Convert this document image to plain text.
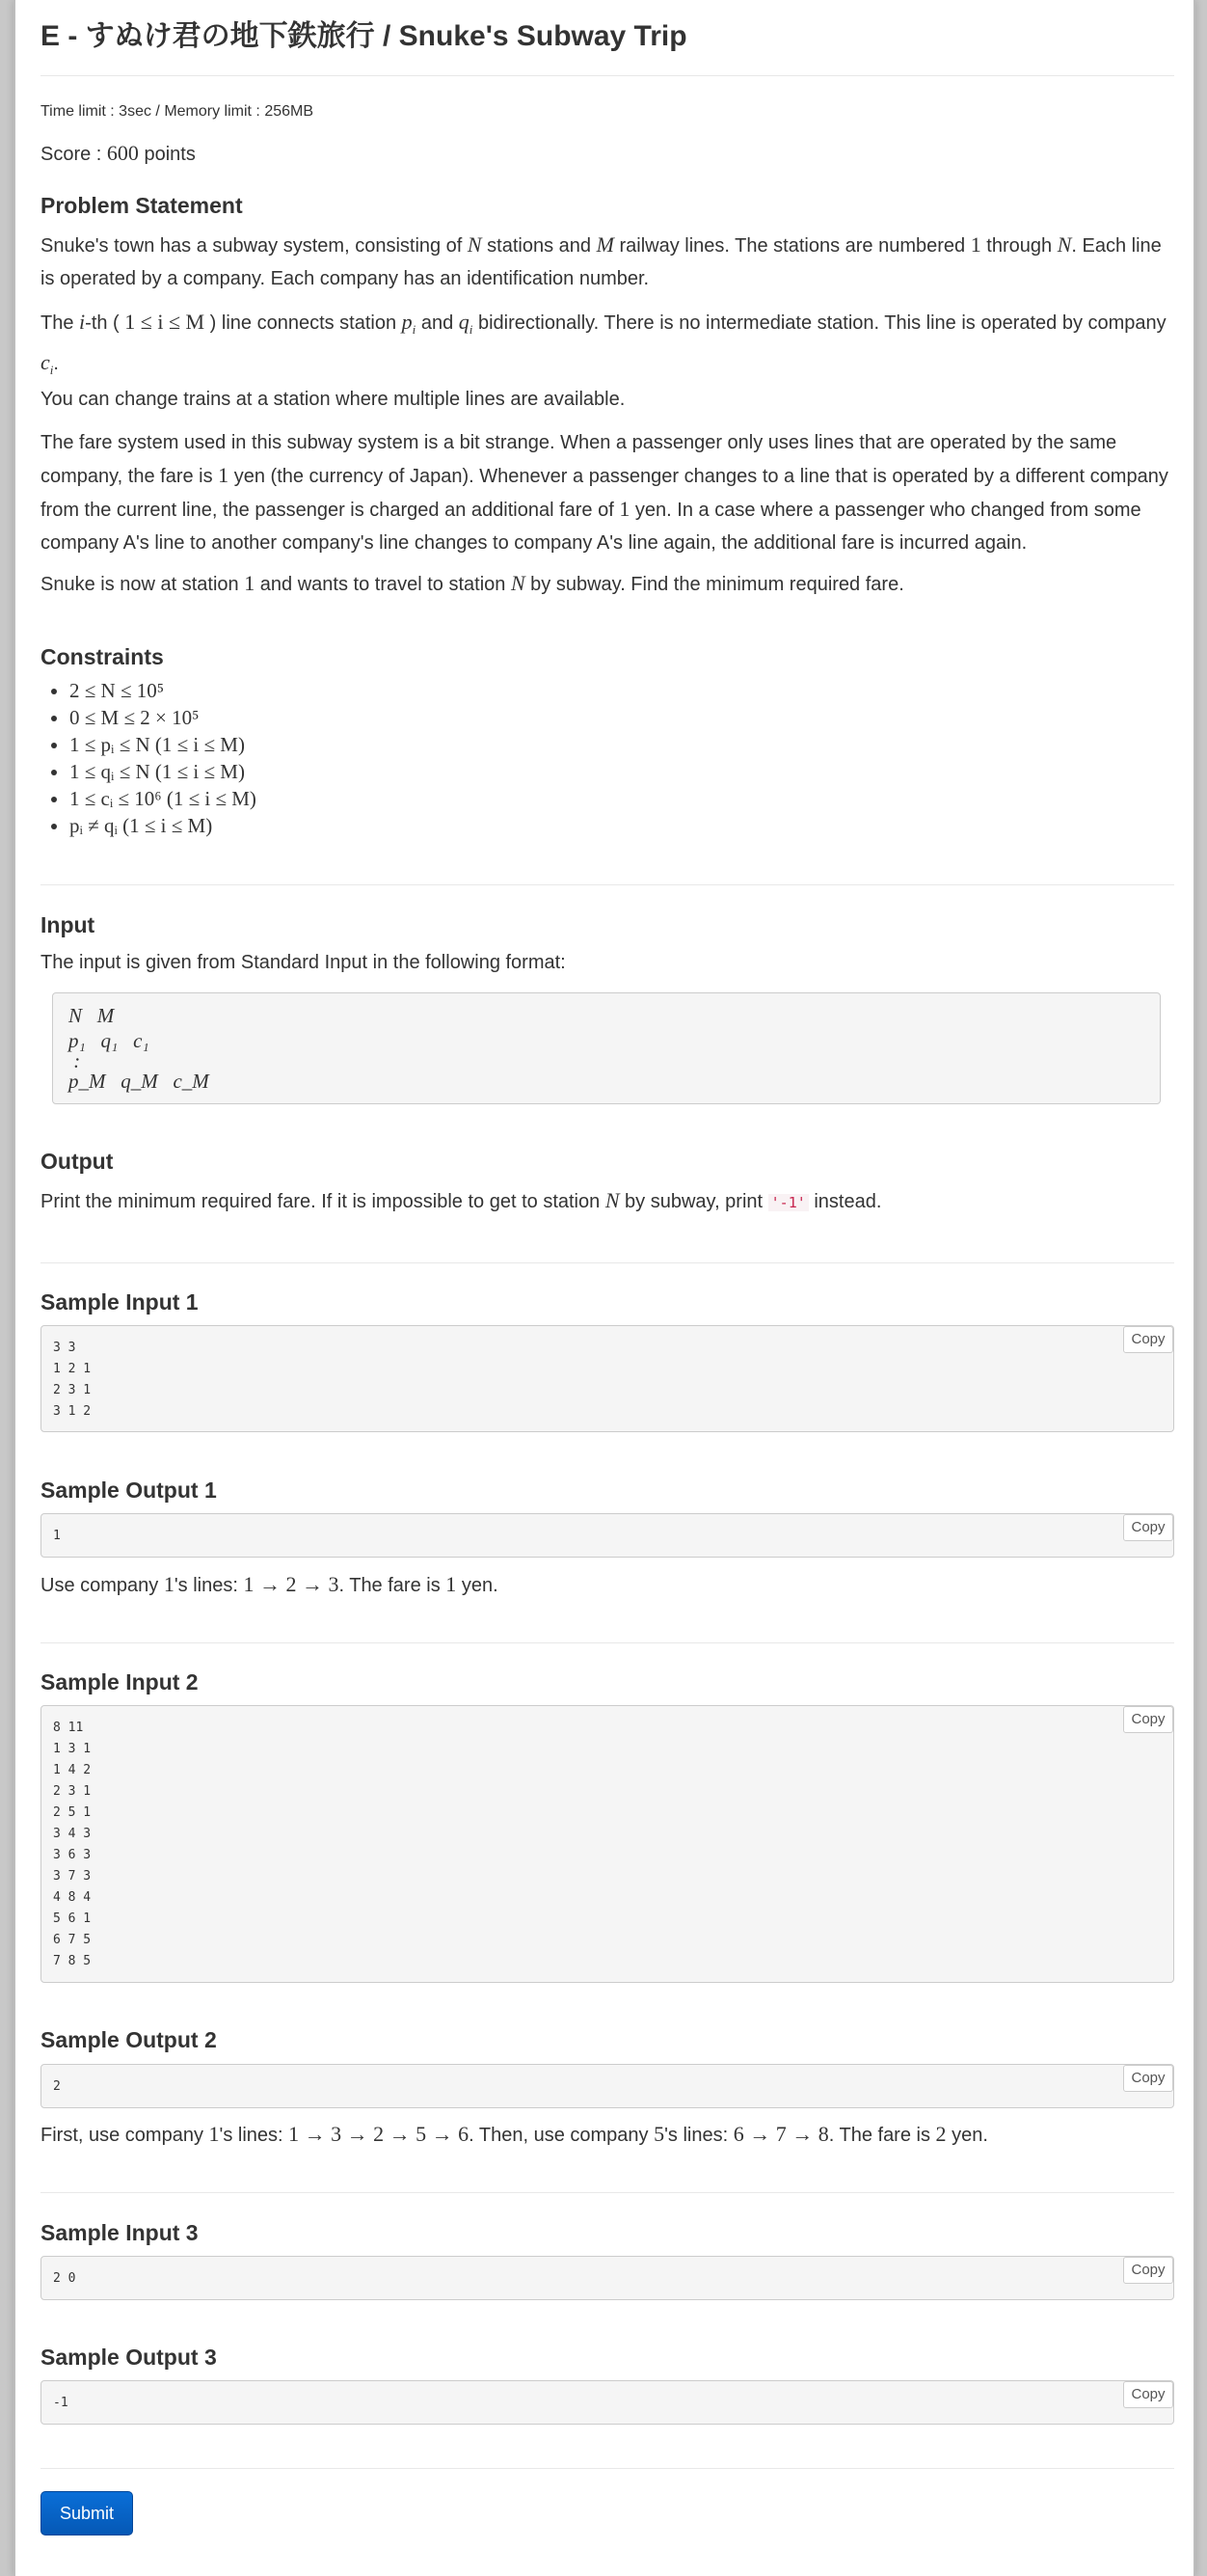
E - すぬけ君の地下鉄旅行 / Snuke's Subway Trip
Time limit : 3sec / Memory limit : 256MB
Score : 600 points
Problem Statement
Snuke's town has a subway system, consisting of N stations and M railway lines. The stations are numbered 1 through N. Each line is operated by a company. Each company has an identification number.
The i-th ( 1 ≤ i ≤ M ) line connects station $p_i$ and $q_i$ bidirectionally. There is no intermediate station. This line is operated by company $c_i$.
You can change trains at a station where multiple lines are available.
The fare system used in this subway system is a bit strange. When a passenger only uses lines that are operated by the same company, the fare is 1 yen (the currency of Japan). Whenever a passenger changes to a line that is operated by a different company from the current line, the passenger is charged an additional fare of 1 yen. In a case where a passenger who changed from some company A's line to another company's line changes to company A's line again, the additional fare is incurred again.
Snuke is now at station 1 and wants to travel to station N by subway. Find the minimum required fare.
Constraints
• 2 ≤ N ≤ 10⁵
• 0 ≤ M ≤ 2 × 10⁵
• 1 ≤ pᵢ ≤ N (1 ≤ i ≤ M)
• 1 ≤ qᵢ ≤ N (1 ≤ i ≤ M)
• 1 ≤ cᵢ ≤ 10⁶ (1 ≤ i ≤ M)
• pᵢ ≠ qᵢ (1 ≤ i ≤ M)
Input
The input is given from Standard Input in the following format:
N   M
p₁   q₁   c₁
:
p_M   q_M   c_M
Output
Print the minimum required fare. If it is impossible to get to station N by subway, print '-1' instead.
Sample Input 1
3 3
1 2 1
2 3 1
3 1 2
Copy
Sample Output 1
1
Copy
Use company 1's lines: 1 → 2 → 3. The fare is 1 yen.
Sample Input 2
8 11
1 3 1
1 4 2
2 3 1
2 5 1
3 4 3
3 6 3
3 7 3
4 8 4
5 6 1
6 7 5
7 8 5
Copy
Sample Output 2
2
Copy
First, use company 1's lines: 1 → 3 → 2 → 5 → 6. Then, use company 5's lines: 6 → 7 → 8. The fare is 2 yen.
Sample Input 3
2 0
Copy
Sample Output 3
-1
Copy
Submit
